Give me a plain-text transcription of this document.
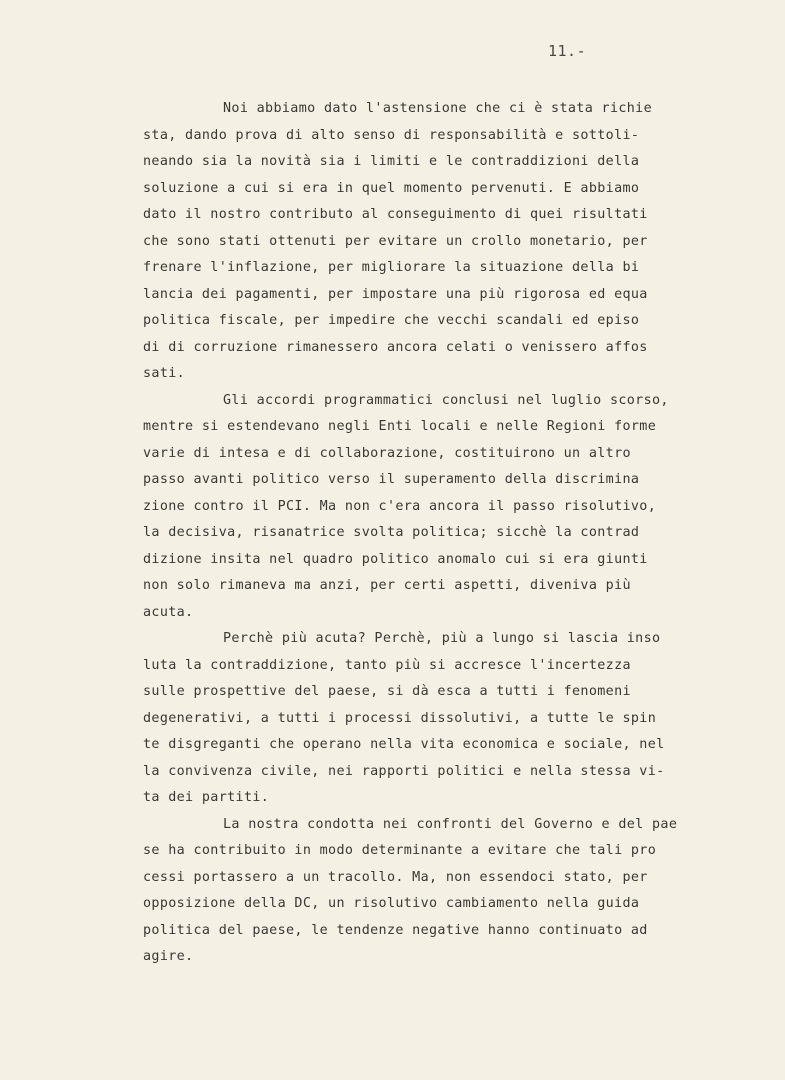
11.-
Noi abbiamo dato l'astensione che ci è stata richie
sta, dando prova di alto senso di responsabilità e sottoli-
neando sia la novità sia i limiti e le contraddizioni della
soluzione a cui si era in quel momento pervenuti. E abbiamo
dato il nostro contributo al conseguimento di quei risultati
che sono stati ottenuti per evitare un crollo monetario, per
frenare l'inflazione, per migliorare la situazione della bi
lancia dei pagamenti, per impostare una più rigorosa ed equa
politica fiscale, per impedire che vecchi scandali ed episo
di di corruzione rimanessero ancora celati o venissero affos
sati.
Gli accordi programmatici conclusi nel luglio scorso,
mentre si estendevano negli Enti locali e nelle Regioni forme
varie di intesa e di collaborazione, costituirono un altro
passo avanti politico verso il superamento della discrimina
zione contro il PCI. Ma non c'era ancora il passo risolutivo,
la decisiva, risanatrice svolta politica; sicchè la contrad
dizione insita nel quadro politico anomalo cui si era giunti
non solo rimaneva ma anzi, per certi aspetti, diveniva più
acuta.
Perchè più acuta? Perchè, più a lungo si lascia inso
luta la contraddizione, tanto più si accresce l'incertezza
sulle prospettive del paese, si dà esca a tutti i fenomeni
degenerativi, a tutti i processi dissolutivi, a tutte le spin
te disgreganti che operano nella vita economica e sociale, nel
la convivenza civile, nei rapporti politici e nella stessa vi-
ta dei partiti.
La nostra condotta nei confronti del Governo e del pae
se ha contribuito in modo determinante a evitare che tali pro
cessi portassero a un tracollo. Ma, non essendoci stato, per
opposizione della DC, un risolutivo cambiamento nella guida
politica del paese, le tendenze negative hanno continuato ad
agire.
